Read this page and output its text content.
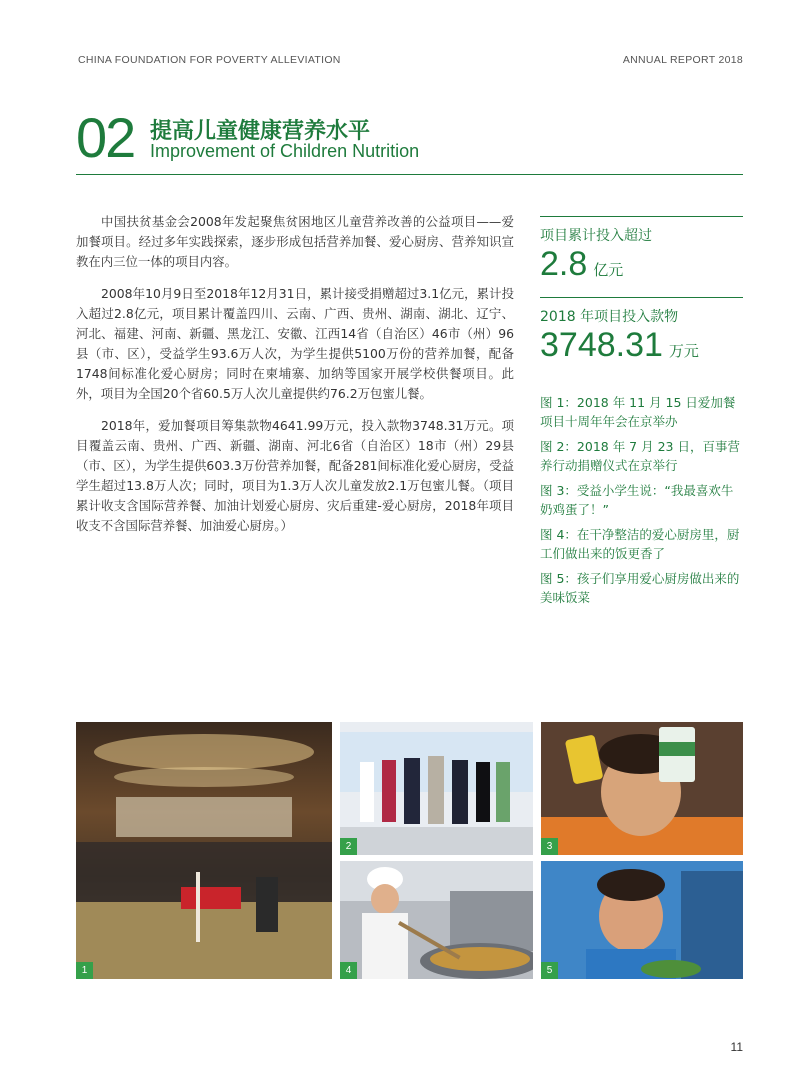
CHINA FOUNDATION FOR POVERTY ALLEVIATION	ANNUAL REPORT 2018
02 提高儿童健康营养水平
Improvement of Children Nutrition

中国扶贫基金会2008年发起聚焦贫困地区儿童营养改善的公益项目——爱加餐项目。经过多年实践探索，逐步形成包括营养加餐、爱心厨房、营养知识宣教在内三位一体的项目内容。

2008年10月9日至2018年12月31日，累计接受捐赠超过3.1亿元，累计投入超过2.8亿元，项目累计覆盖四川、云南、广西、贵州、湖南、湖北、辽宁、河北、福建、河南、新疆、黑龙江、安徽、江西14省（自治区）46市（州）96县（市、区），受益学生93.6万人次，为学生提供5100万份的营养加餐，配备1748间标准化爱心厨房；同时在柬埔寨、加纳等国家开展学校供餐项目。此外，项目为全国20个省60.5万人次儿童提供约76.2万包蜜儿餐。

2018年，爱加餐项目筹集款物4641.99万元，投入款物3748.31万元。项目覆盖云南、贵州、广西、新疆、湖南、河北6省（自治区）18市（州）29县（市、区），为学生提供603.3万份营养加餐，配备281间标准化爱心厨房，受益学生超过13.8万人次；同时，项目为1.3万人次儿童发放2.1万包蜜儿餐。（项目累计收支含国际营养餐、加油计划爱心厨房、灾后重建-爱心厨房，2018年项目收支不含国际营养餐、加油爱心厨房。）

项目累计投入超过
2.8 亿元
2018 年项目投入款物
3748.31 万元
图 1：2018 年 11 月 15 日爱加餐项目十周年年会在京举办
图 2：2018 年 7 月 23 日，百事营养行动捐赠仪式在京举行
图 3：受益小学生说：“我最喜欢牛奶鸡蛋了！”
图 4：在干净整洁的爱心厨房里，厨工们做出来的饭更香了
图 5：孩子们享用爱心厨房做出来的美味饭菜
1
2	3
4	5
11
